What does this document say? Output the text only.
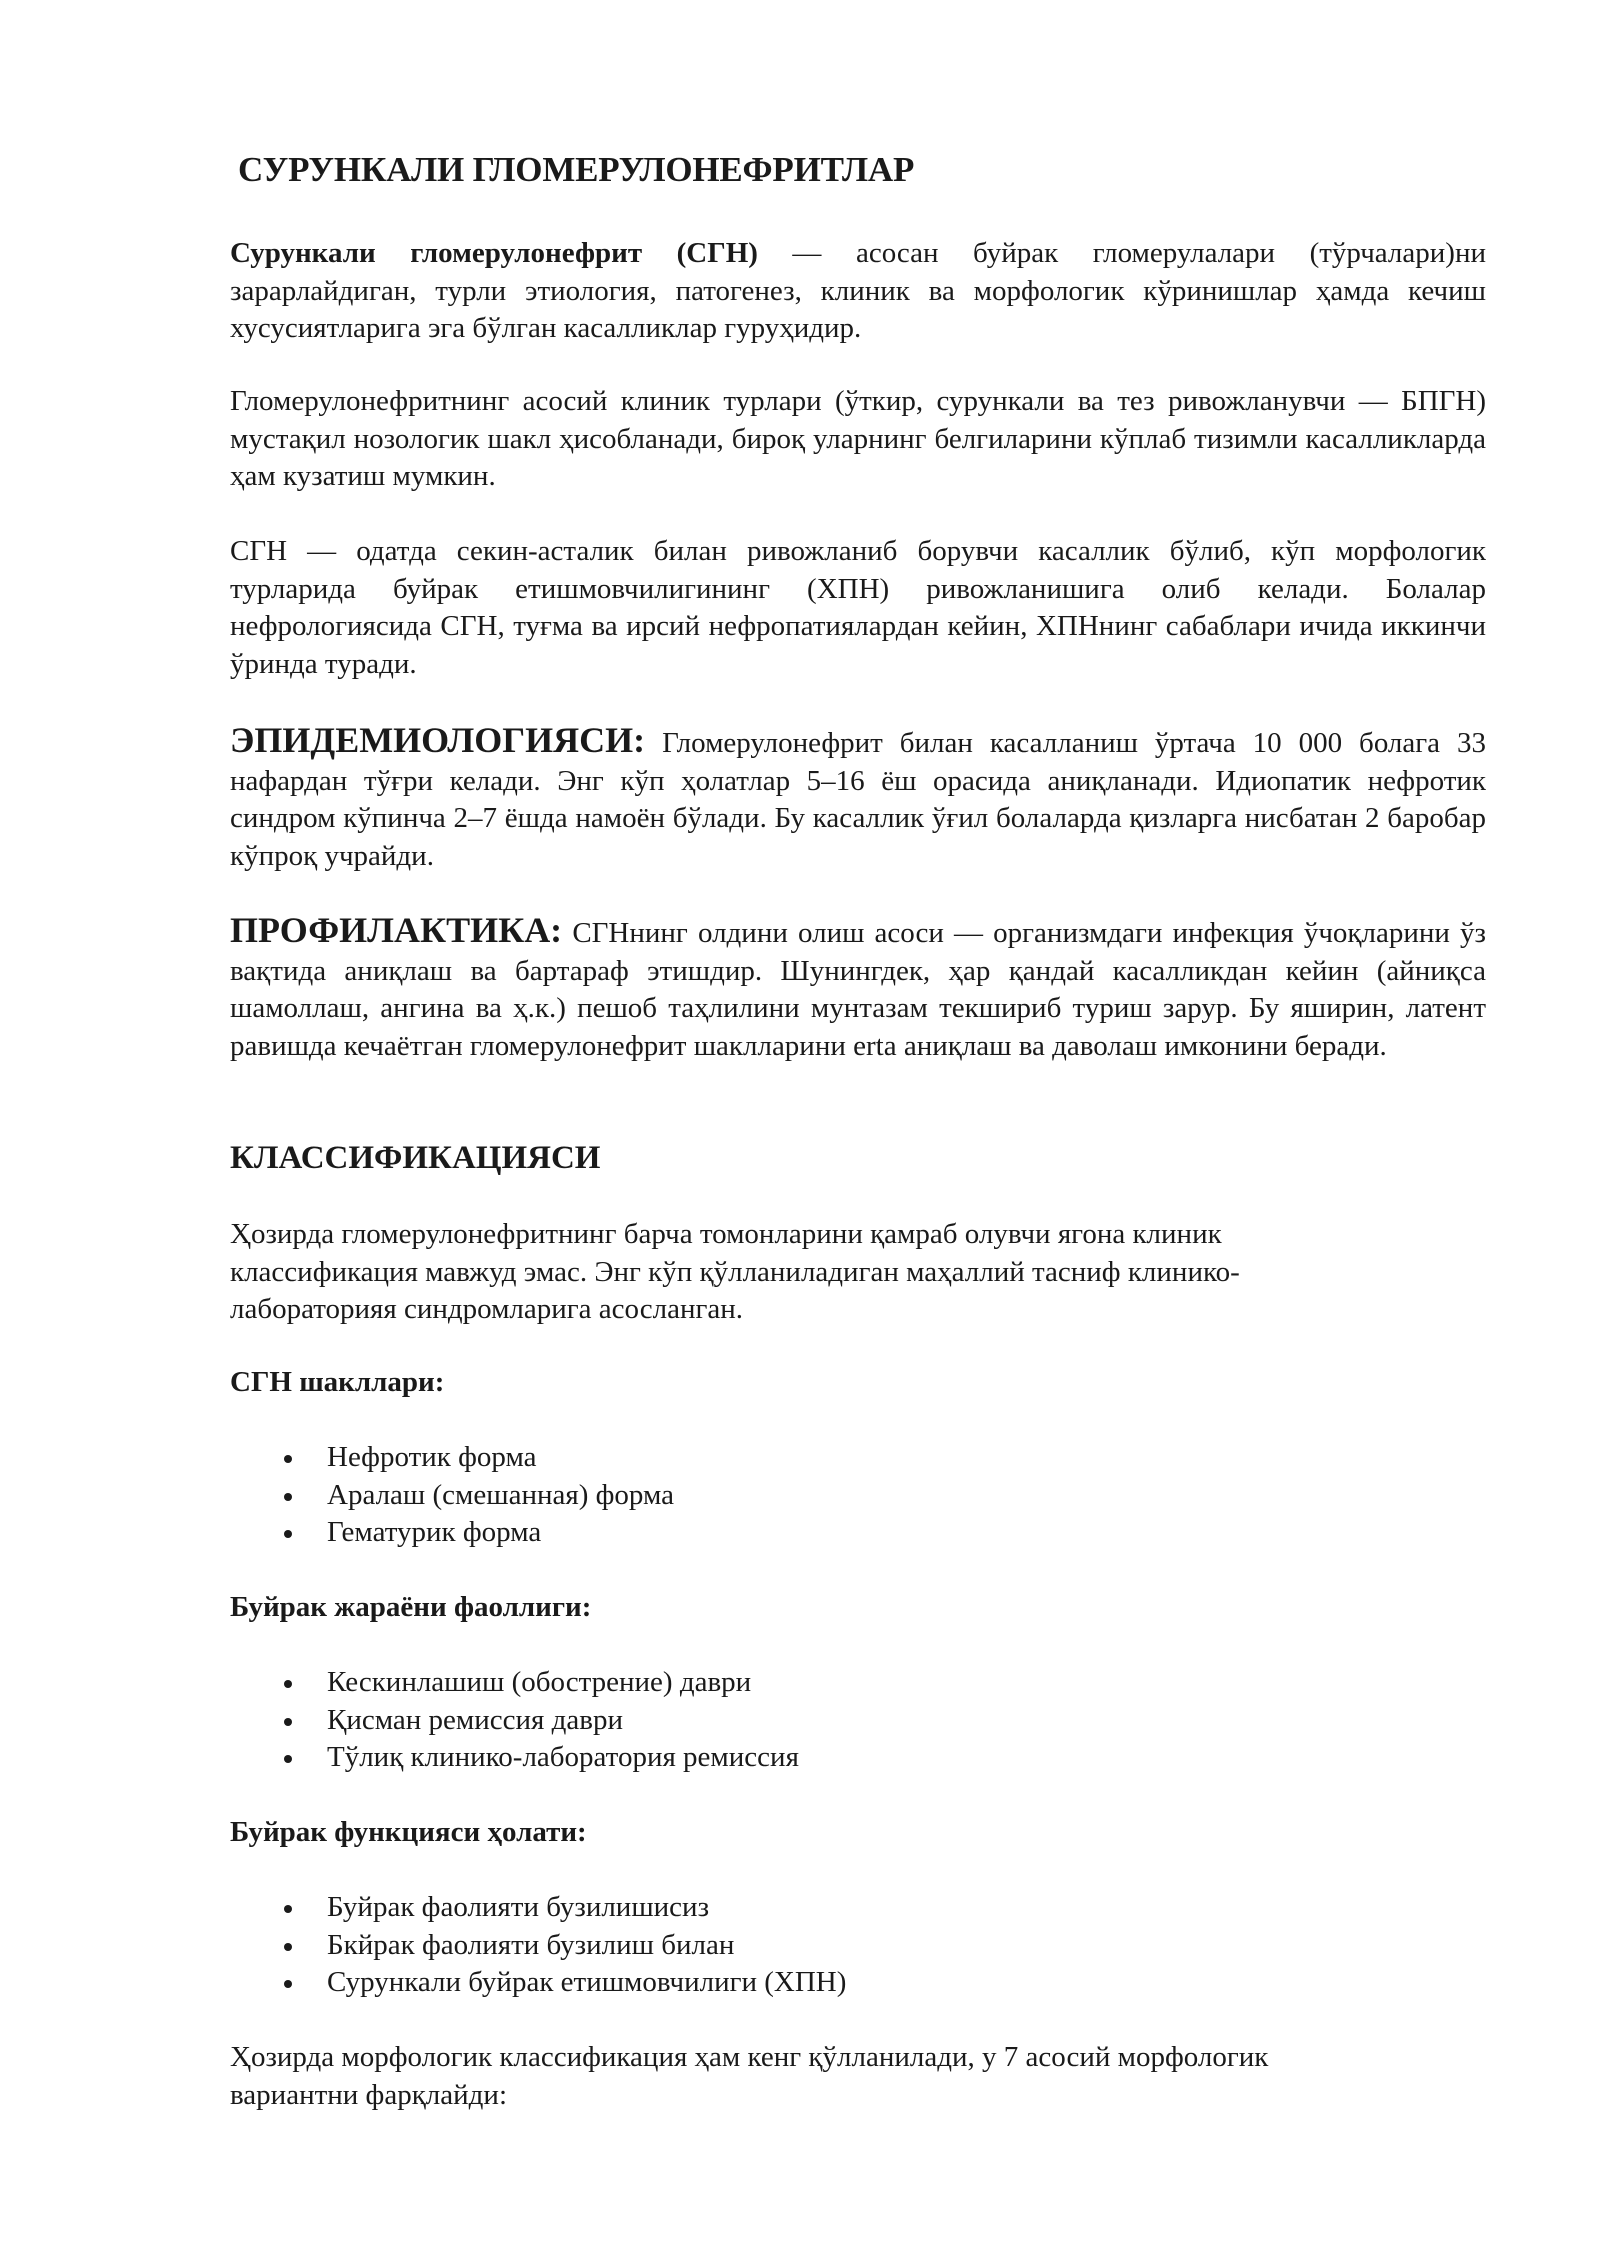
СУРУНКАЛИ ГЛОМЕРУЛОНЕФРИТЛАР

Сурункали гломерулонефрит (СГН) — асосан буйрак гломерулалари (тўрчалари)ни зарарлайдиган, турли этиология, патогенез, клиник ва морфологик кўринишлар ҳамда кечиш хусусиятларига эга бўлган касалликлар гуруҳидир.

Гломерулонефритнинг асосий клиник турлари (ўткир, сурункали ва тез ривожланувчи — БПГН) мустақил нозологик шакл ҳисобланади, бироқ уларнинг белгиларини кўплаб тизимли касалликларда ҳам кузатиш мумкин.

СГН — одатда секин-асталик билан ривожланиб борувчи касаллик бўлиб, кўп морфологик турларида буйрак етишмовчилигининг (ХПН) ривожланишига олиб келади. Болалар нефрологиясида СГН, туғма ва ирсий нефропатиялардан кейин, ХПНнинг сабаблари ичида иккинчи ўринда туради.

ЭПИДЕМИОЛОГИЯСИ: Гломерулонефрит билан касалланиш ўртача 10 000 болага 33 нафардан тўғри келади. Энг кўп ҳолатлар 5–16 ёш орасида аниқланади. Идиопатик нефротик синдром кўпинча 2–7 ёшда намоён бўлади. Бу касаллик ўғил болаларда қизларга нисбатан 2 баробар кўпроқ учрайди.

ПРОФИЛАКТИКА: СГНнинг олдини олиш асоси — организмдаги инфекция ўчоқларини ўз вақтида аниқлаш ва бартараф этишдир. Шунингдек, ҳар қандай касалликдан кейин (айниқса шамоллаш, ангина ва ҳ.к.) пешоб таҳлилини мунтазам текшириб туриш зарур. Бу яширин, латент равишда кечаётган гломерулонефрит шаклларини erta аниқлаш ва даволаш имконини беради.

КЛАССИФИКАЦИЯСИ

Ҳозирда гломерулонефритнинг барча томонларини қамраб олувчи ягона клиник классификация мавжуд эмас. Энг кўп қўлланиладиган маҳаллий тасниф клинико-лабораторияя синдромларига асосланган.

СГН шакллари:
Нефротик форма
Аралаш (смешанная) форма
Гематурик форма
Буйрак жараёни фаоллиги:
Кескинлашиш (обострение) даври
Қисман ремиссия даври
Тўлиқ клинико-лаборатория ремиссия
Буйрак функцияси ҳолати:
Буйрак фаолияти бузилишисиз
Бкйрак фаолияти бузилиш билан
Сурункали буйрак етишмовчилиги (ХПН)

Ҳозирда морфологик классификация ҳам кенг қўлланилади, у 7 асосий морфологик вариантни фарқлайди:
